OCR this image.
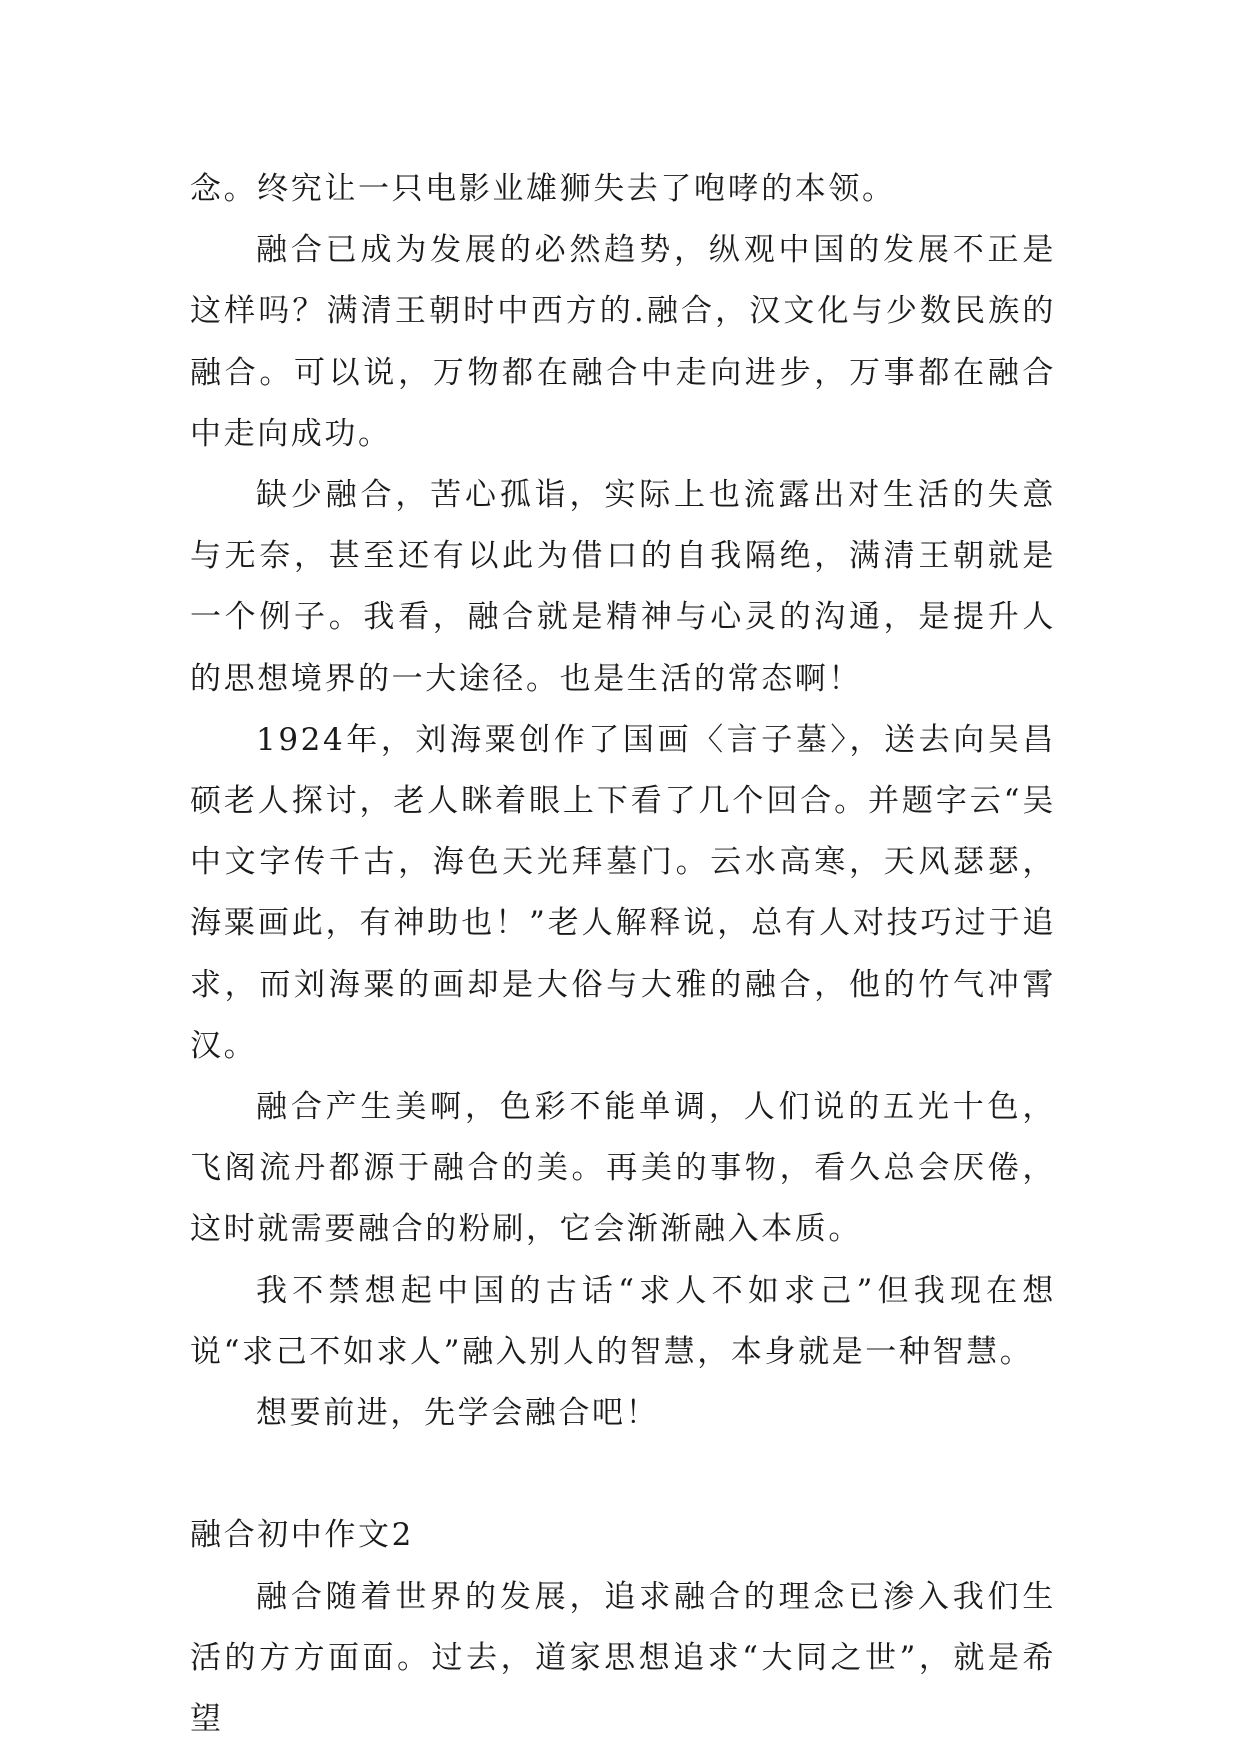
念。终究让一只电影业雄狮失去了咆哮的本领。

融合已成为发展的必然趋势，纵观中国的发展不正是这样吗？满清王朝时中西方的.融合，汉文化与少数民族的融合。可以说，万物都在融合中走向进步，万事都在融合中走向成功。

缺少融合，苦心孤诣，实际上也流露出对生活的失意与无奈，甚至还有以此为借口的自我隔绝，满清王朝就是一个例子。我看，融合就是精神与心灵的沟通，是提升人的思想境界的一大途径。也是生活的常态啊！

1924年，刘海粟创作了国画〈言子墓〉，送去向吴昌硕老人探讨，老人眯着眼上下看了几个回合。并题字云“吴中文字传千古，海色天光拜墓门。云水高寒，天风瑟瑟，海粟画此，有神助也！”老人解释说，总有人对技巧过于追求，而刘海粟的画却是大俗与大雅的融合，他的竹气冲霄汉。

融合产生美啊，色彩不能单调，人们说的五光十色，飞阁流丹都源于融合的美。再美的事物，看久总会厌倦，这时就需要融合的粉刷，它会渐渐融入本质。

我不禁想起中国的古话“求人不如求己”但我现在想说“求己不如求人”融入别人的智慧，本身就是一种智慧。

想要前进，先学会融合吧！

融合初中作文2

融合随着世界的发展，追求融合的理念已渗入我们生活的方方面面。过去，道家思想追求“大同之世”，就是希望
